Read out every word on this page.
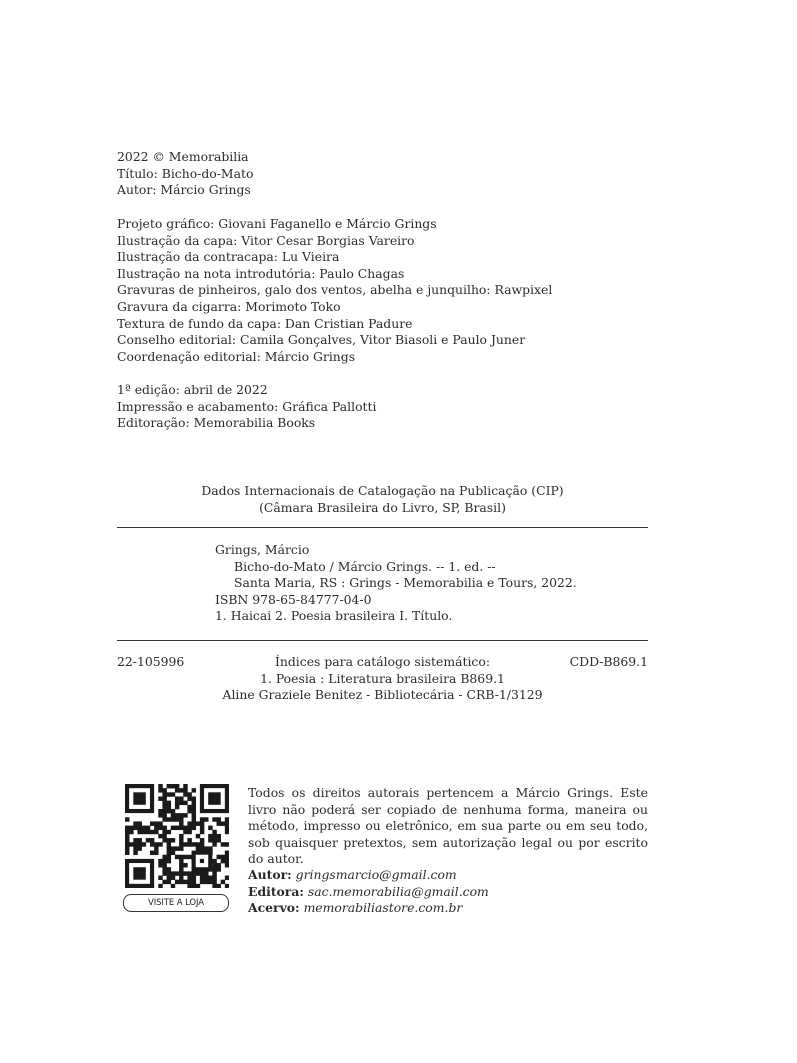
2022 © Memorabilia
Título: Bicho-do-Mato
Autor: Márcio Grings
Projeto gráfico: Giovani Faganello e Márcio Grings
Ilustração da capa: Vitor Cesar Borgias Vareiro
Ilustração da contracapa: Lu Vieira
Ilustração na nota introdutória: Paulo Chagas
Gravuras de pinheiros, galo dos ventos, abelha e junquilho: Rawpixel
Gravura da cigarra: Morimoto Toko
Textura de fundo da capa: Dan Cristian Padure
Conselho editorial: Camila Gonçalves, Vitor Biasoli e Paulo Juner
Coordenação editorial: Márcio Grings
1ª edição: abril de 2022
Impressão e acabamento: Gráfica Pallotti
Editoração: Memorabilia Books
Dados Internacionais de Catalogação na Publicação (CIP)
(Câmara Brasileira do Livro, SP, Brasil)
Grings, Márcio
Bicho-do-Mato / Márcio Grings. -- 1. ed. --
Santa Maria, RS : Grings - Memorabilia e Tours, 2022.
ISBN 978-65-84777-04-0
1. Haicai 2. Poesia brasileira I. Título.
Índices para catálogo sistemático:
1. Poesia : Literatura brasileira B869.1
Aline Graziele Benitez - Bibliotecária - CRB-1/3129
22-105996	CDD-B869.1
VISITE A LOJA
Todos os direitos autorais pertencem a Márcio Grings. Este livro não poderá ser copiado de nenhuma forma, maneira ou método, impresso ou eletrônico, em sua parte ou em seu todo, sob quaisquer pretextos, sem autorização legal ou por escrito do autor.
Autor: gringsmarcio@gmail.com
Editora: sac.memorabilia@gmail.com
Acervo: memorabiliastore.com.br
